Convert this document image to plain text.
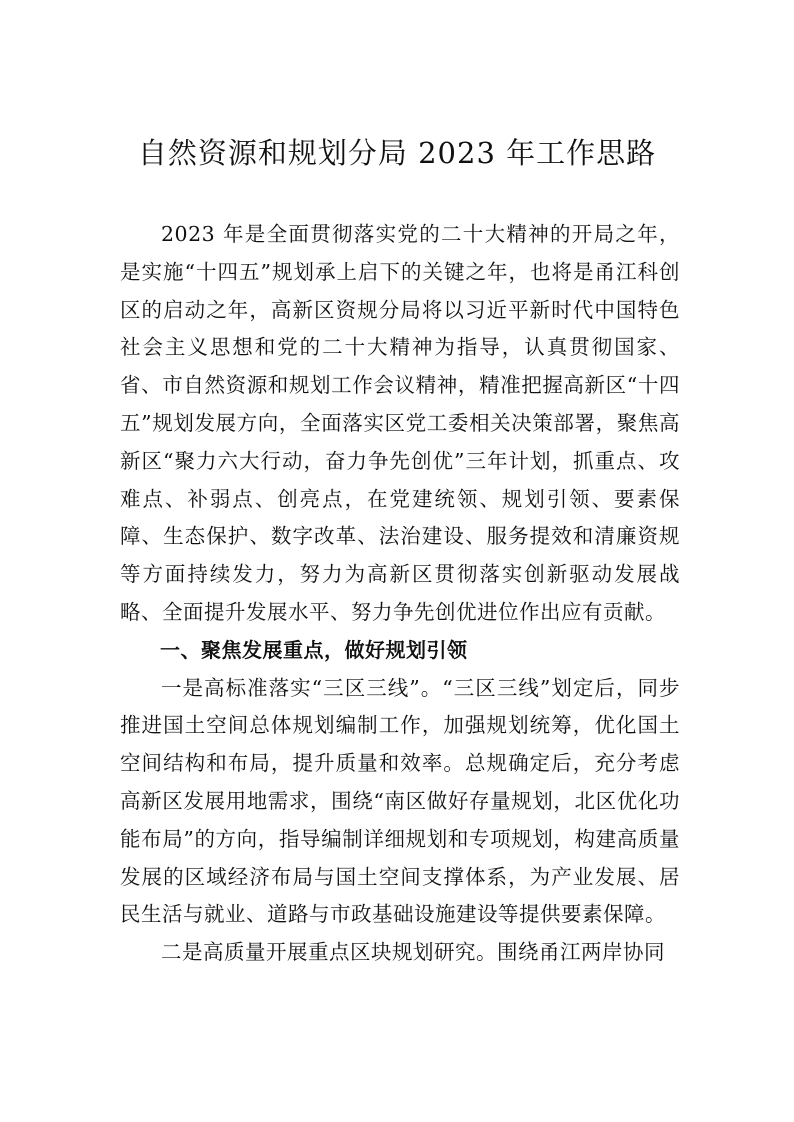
自然资源和规划分局 2023 年工作思路

2023 年是全面贯彻落实党的二十大精神的开局之年，是实施“十四五”规划承上启下的关键之年，也将是甬江科创区的启动之年，高新区资规分局将以习近平新时代中国特色社会主义思想和党的二十大精神为指导，认真贯彻国家、省、市自然资源和规划工作会议精神，精准把握高新区“十四五”规划发展方向，全面落实区党工委相关决策部署，聚焦高新区“聚力六大行动，奋力争先创优”三年计划，抓重点、攻难点、补弱点、创亮点，在党建统领、规划引领、要素保障、生态保护、数字改革、法治建设、服务提效和清廉资规等方面持续发力，努力为高新区贯彻落实创新驱动发展战略、全面提升发展水平、努力争先创优进位作出应有贡献。

一、聚焦发展重点，做好规划引领

一是高标准落实“三区三线”。“三区三线”划定后，同步推进国土空间总体规划编制工作，加强规划统筹，优化国土空间结构和布局，提升质量和效率。总规确定后，充分考虑高新区发展用地需求，围绕“南区做好存量规划，北区优化功能布局”的方向，指导编制详细规划和专项规划，构建高质量发展的区域经济布局与国土空间支撑体系，为产业发展、居民生活与就业、道路与市政基础设施建设等提供要素保障。

二是高质量开展重点区块规划研究。围绕甬江两岸协同
